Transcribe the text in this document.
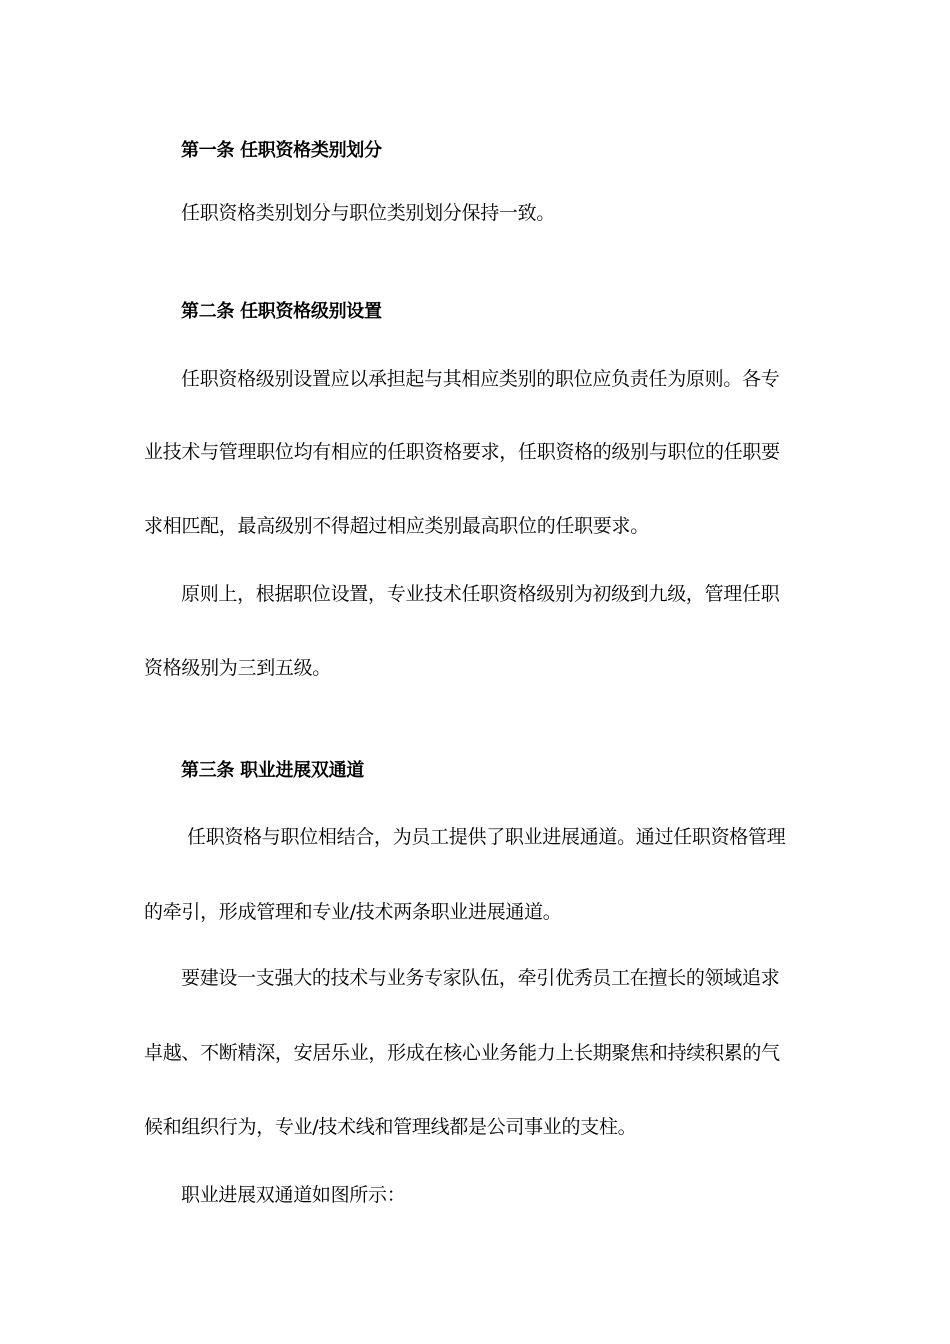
第一条 任职资格类别划分
任职资格类别划分与职位类别划分保持一致。
第二条 任职资格级别设置
任职资格级别设置应以承担起与其相应类别的职位应负责任为原则。各专
业技术与管理职位均有相应的任职资格要求，任职资格的级别与职位的任职要
求相匹配，最高级别不得超过相应类别最高职位的任职要求。
原则上，根据职位设置，专业技术任职资格级别为初级到九级，管理任职
资格级别为三到五级。
第三条 职业进展双通道
任职资格与职位相结合，为员工提供了职业进展通道。通过任职资格管理
的牵引，形成管理和专业/技术两条职业进展通道。
要建设一支强大的技术与业务专家队伍，牵引优秀员工在擅长的领域追求
卓越、不断精深，安居乐业，形成在核心业务能力上长期聚焦和持续积累的气
候和组织行为，专业/技术线和管理线都是公司事业的支柱。
职业进展双通道如图所示：
